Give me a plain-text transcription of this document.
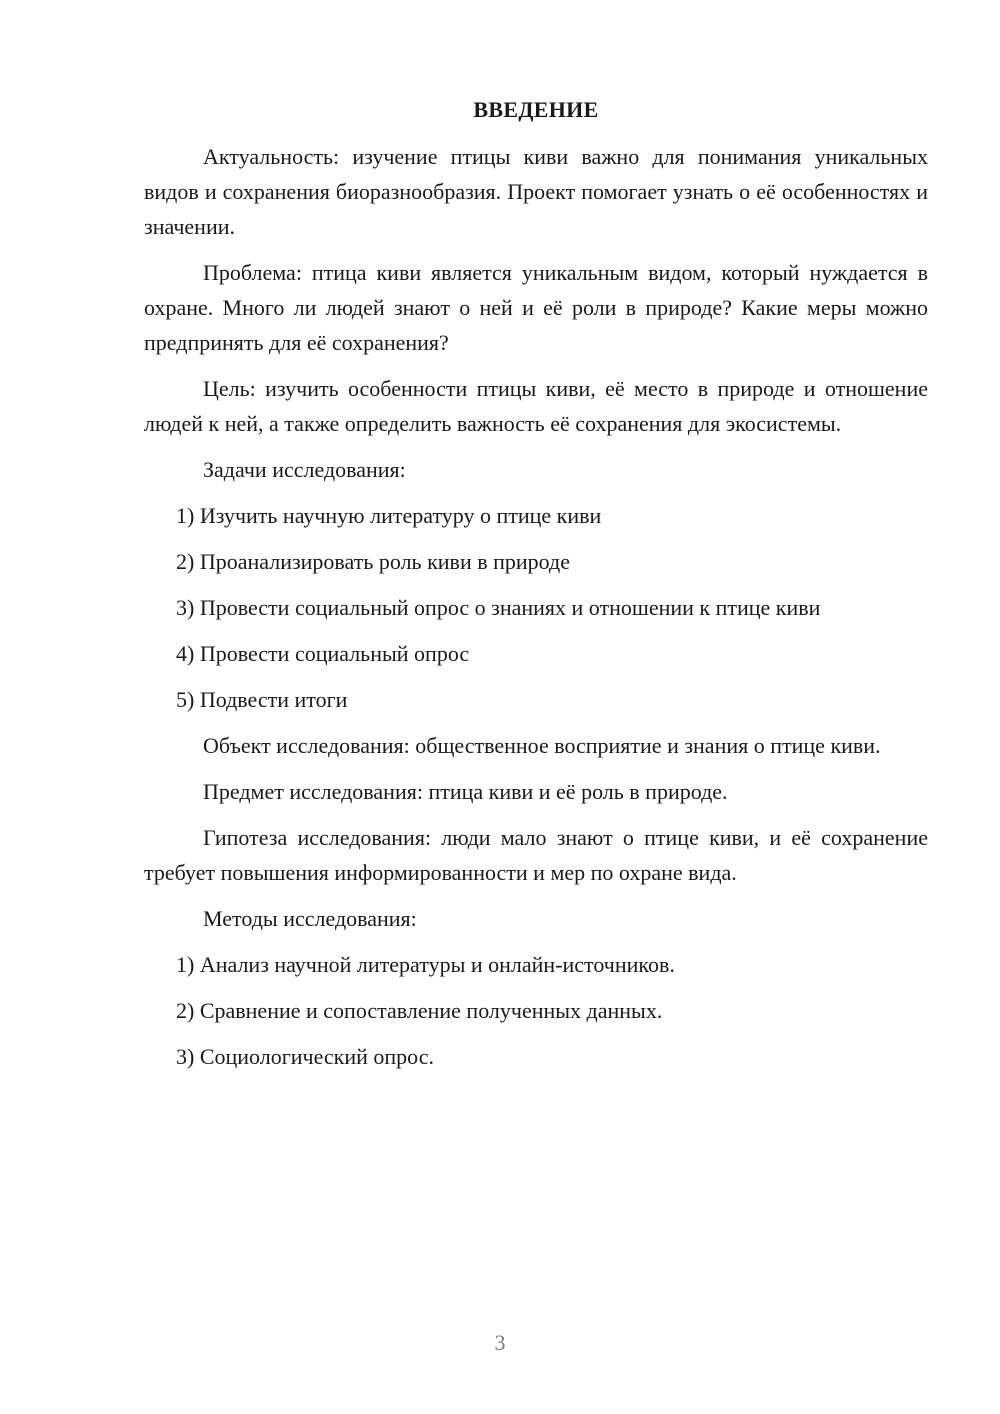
ВВЕДЕНИЕ

Актуальность: изучение птицы киви важно для понимания уникальных видов и сохранения биоразнообразия. Проект помогает узнать о её особенностях и значении.

Проблема: птица киви является уникальным видом, который нуждается в охране. Много ли людей знают о ней и её роли в природе? Какие меры можно предпринять для её сохранения?

Цель: изучить особенности птицы киви, её место в природе и отношение людей к ней, а также определить важность её сохранения для экосистемы.

Задачи исследования:

1) Изучить научную литературу о птице киви
2) Проанализировать роль киви в природе
3) Провести социальный опрос о знаниях и отношении к птице киви
4) Провести социальный опрос
5) Подвести итоги

Объект исследования: общественное восприятие и знания о птице киви.

Предмет исследования: птица киви и её роль в природе.

Гипотеза исследования: люди мало знают о птице киви, и её сохранение требует повышения информированности и мер по охране вида.

Методы исследования:

1) Анализ научной литературы и онлайн-источников.
2) Сравнение и сопоставление полученных данных.
3) Социологический опрос.
3
